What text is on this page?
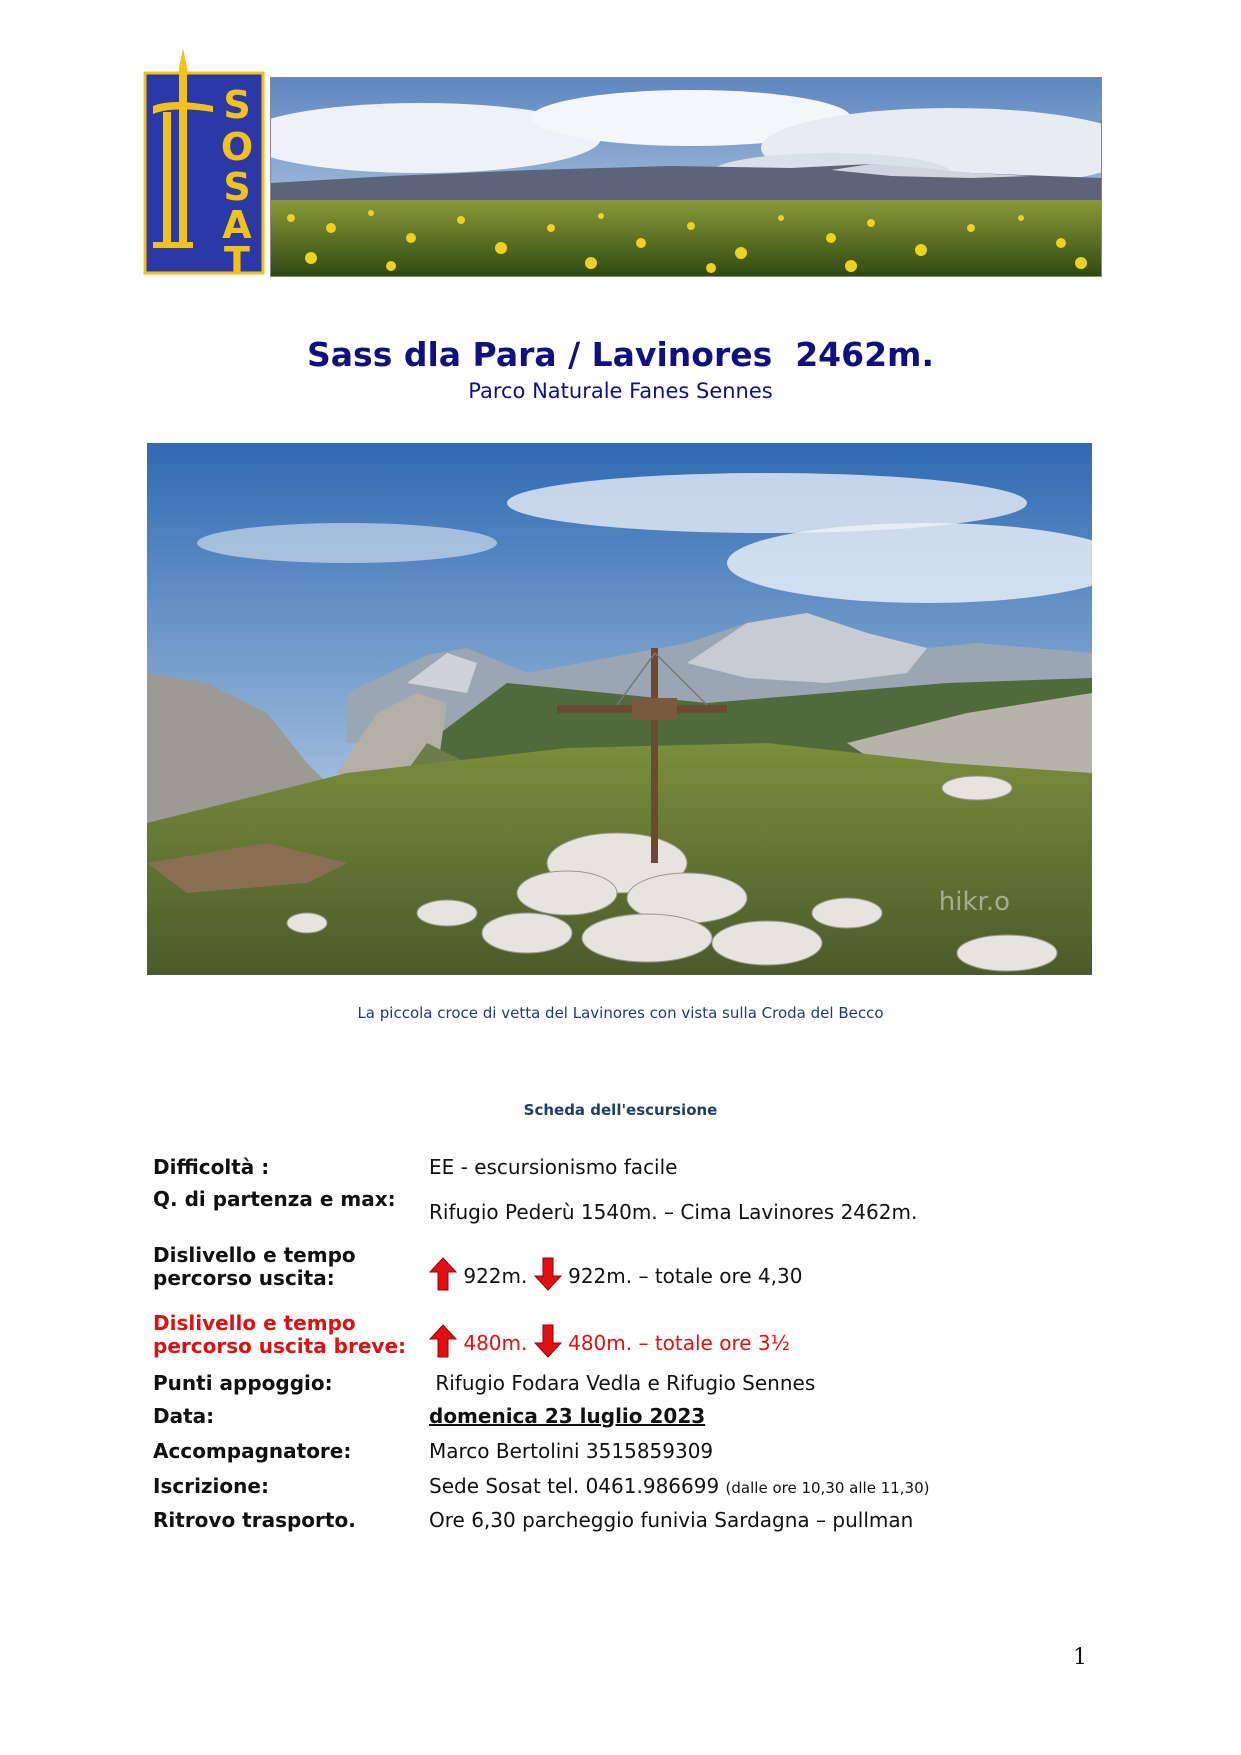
S
O
S
A
T
Sass dla Para / Lavinores  2462m.
Parco Naturale Fanes Sennes
hikr.o
La piccola croce di vetta del Lavinores con vista sulla Croda del Becco
Scheda dell'escursione
Difficoltà :	EE - escursionismo facile
Q. di partenza e max:
Rifugio Pederù 1540m. – Cima Lavinores 2462m.
Dislivello e tempo percorso uscita:	922m. 922m. – totale ore 4,30
Dislivello e tempo percorso uscita breve:	480m. 480m. – totale ore 3½
Punti appoggio:	Rifugio Fodara Vedla e Rifugio Sennes
Data:	domenica 23 luglio 2023
Accompagnatore:	Marco Bertolini 3515859309
Iscrizione:	Sede Sosat tel. 0461.986699 (dalle ore 10,30 alle 11,30)
Ritrovo trasporto.	Ore 6,30 parcheggio funivia Sardagna – pullman
1
